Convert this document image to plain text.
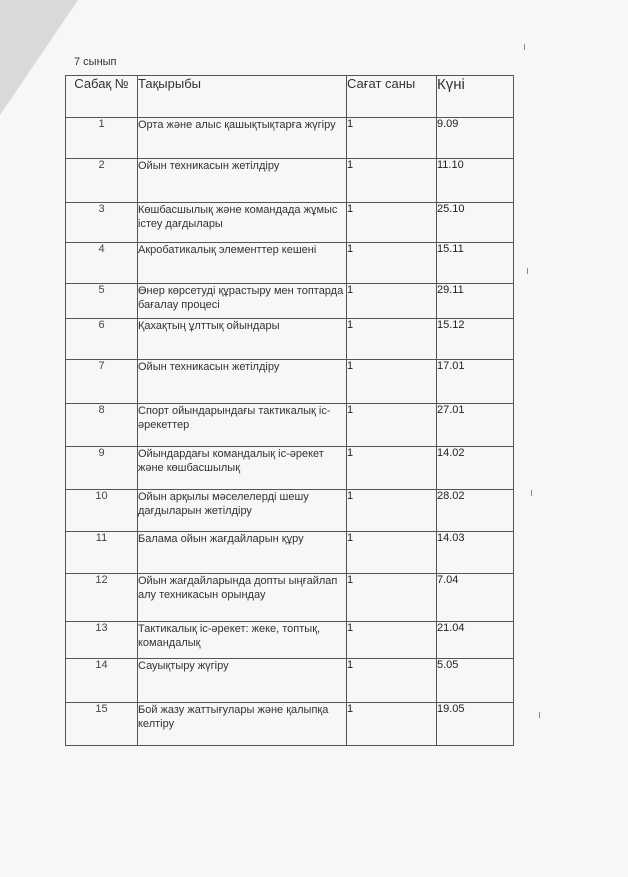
7 сынып
Сабақ №	Тақырыбы	Сағат саны	Күні
1	Орта және алыс қашықтықтарға жүгіру	1	9.09
2	Ойын техникасын жетілдіру	1	11.10
3	Көшбасшылық және командада жұмыс істеу дағдылары	1	25.10
4	Акробатикалық элементтер кешені	1	15.11
5	Өнер көрсетуді құрастыру мен топтарда бағалау процесі	1	29.11
6	Қахақтың ұлттық ойындары	1	15.12
7	Ойын техникасын жетілдіру	1	17.01
8	Спорт ойындарындағы тактикалық іс-әрекеттер	1	27.01
9	Ойындардағы командалық іс-әрекет және көшбасшылық	1	14.02
10	Ойын арқылы мәселелерді шешу дағдыларын жетілдіру	1	28.02
11	Балама ойын жағдайларын құру	1	14.03
12	Ойын жағдайларында допты ыңғайлап алу техникасын орындау	1	7.04
13	Тактикалық іс-әрекет: жеке, топтық, командалық	1	21.04
14	Сауықтыру жүгіру	1	5.05
15	Бой жазу жаттығулары және қалыпқа келтіру	1	19.05
